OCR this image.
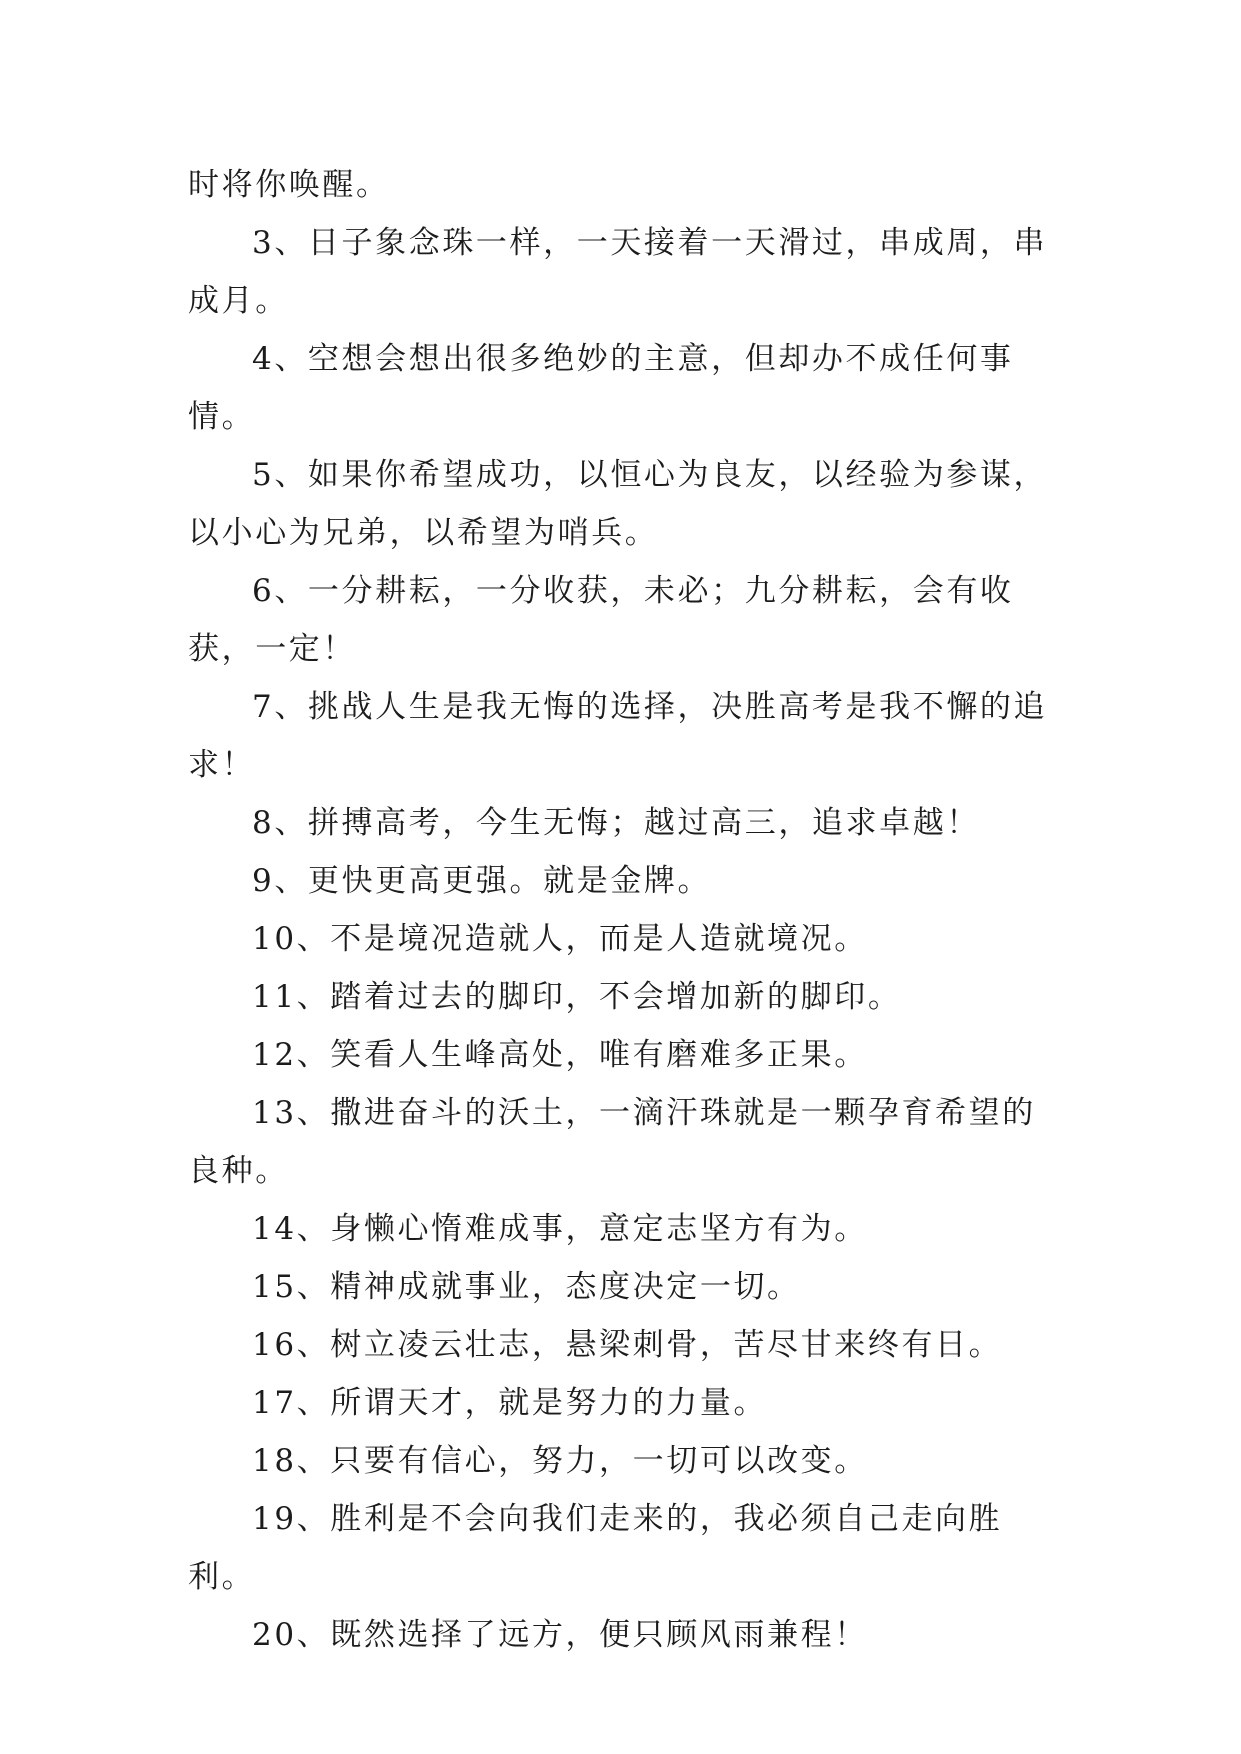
时将你唤醒。

3、日子象念珠一样，一天接着一天滑过，串成周，串成月。

4、空想会想出很多绝妙的主意，但却办不成任何事情。

5、如果你希望成功，以恒心为良友，以经验为参谋，以小心为兄弟，以希望为哨兵。

6、一分耕耘，一分收获，未必；九分耕耘，会有收获，一定！

7、挑战人生是我无悔的选择，决胜高考是我不懈的追求！

8、拼搏高考，今生无悔；越过高三，追求卓越！

9、更快更高更强。就是金牌。

10、不是境况造就人，而是人造就境况。

11、踏着过去的脚印，不会增加新的脚印。

12、笑看人生峰高处，唯有磨难多正果。

13、撒进奋斗的沃土，一滴汗珠就是一颗孕育希望的良种。

14、身懒心惰难成事，意定志坚方有为。

15、精神成就事业，态度决定一切。

16、树立凌云壮志，悬梁刺骨，苦尽甘来终有日。

17、所谓天才，就是努力的力量。

18、只要有信心，努力，一切可以改变。

19、胜利是不会向我们走来的，我必须自己走向胜利。

20、既然选择了远方，便只顾风雨兼程！
